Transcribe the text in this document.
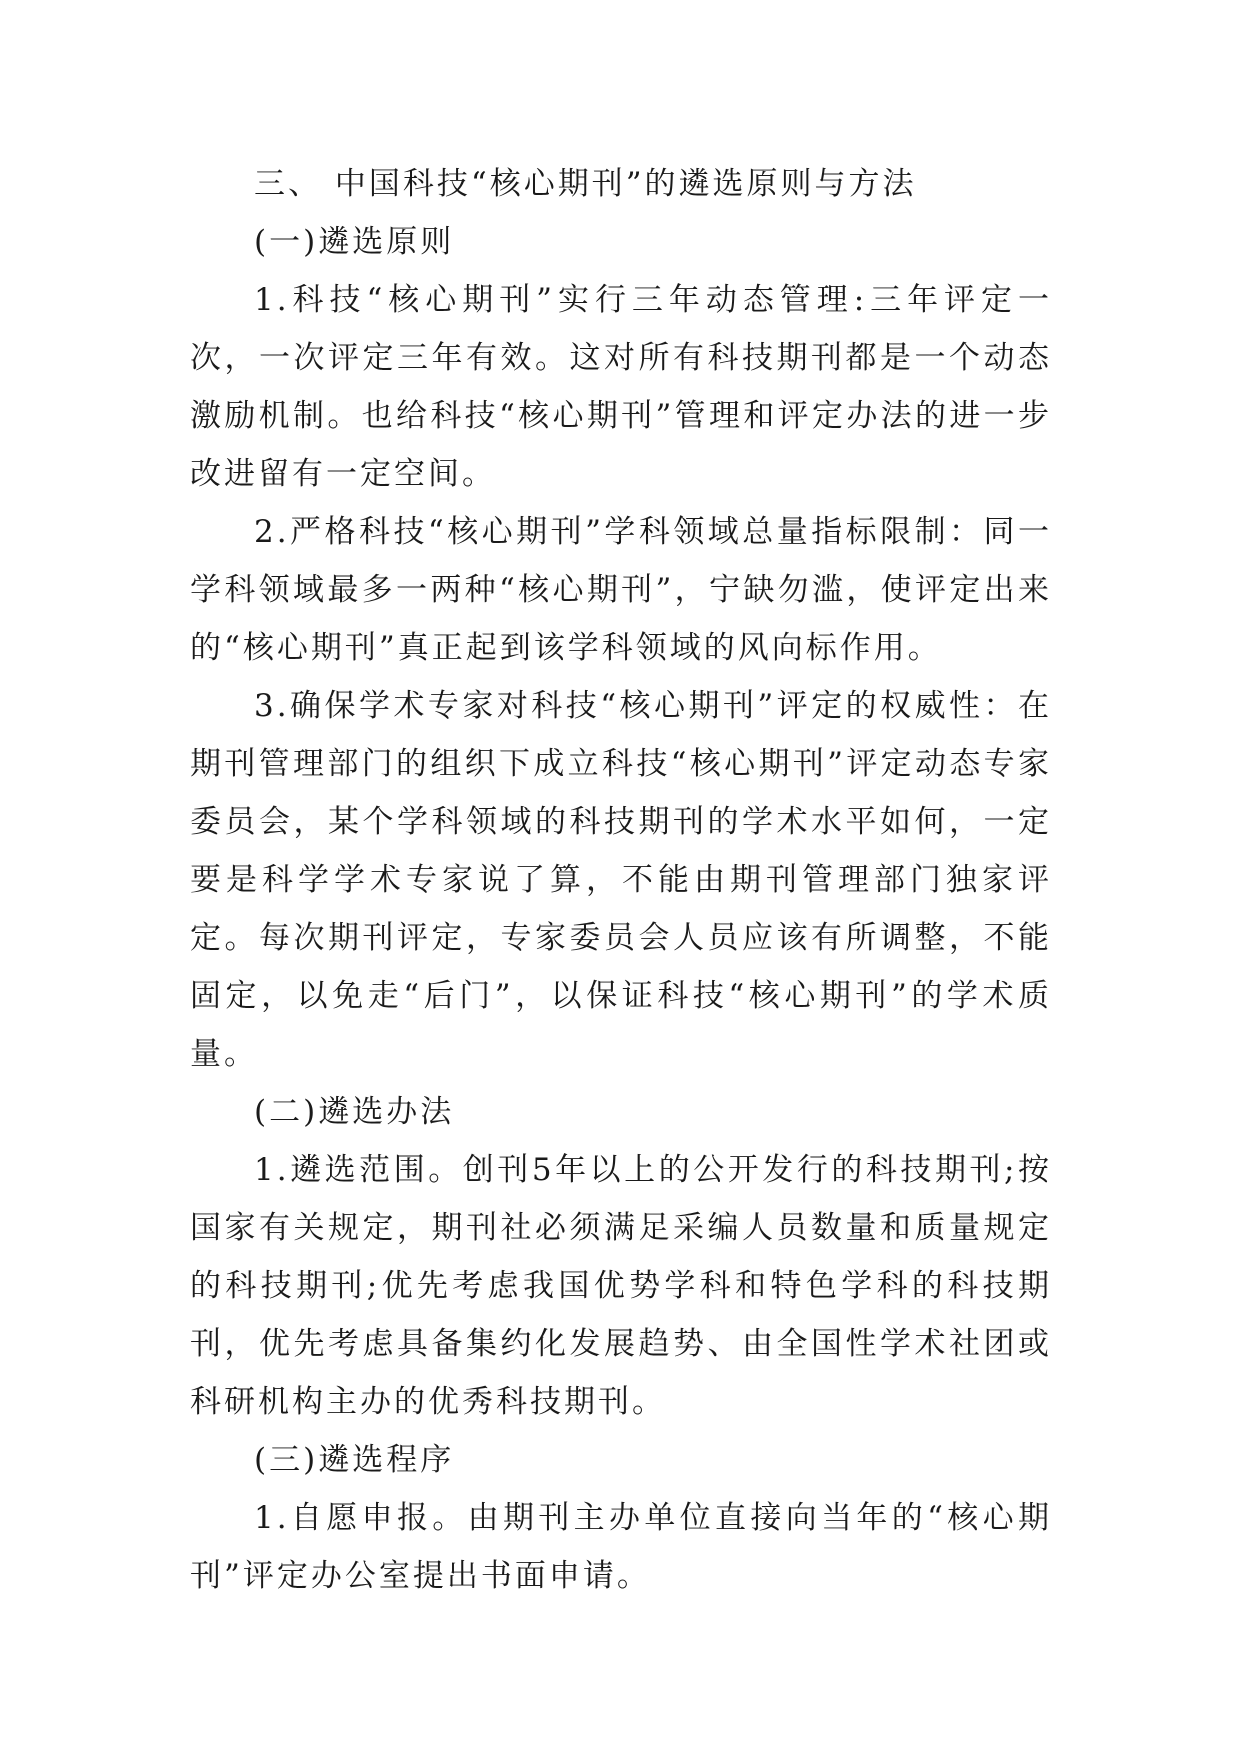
三、 中国科技“核心期刊”的遴选原则与方法

(一)遴选原则

1.科技“核心期刊”实行三年动态管理:三年评定一次，一次评定三年有效。这对所有科技期刊都是一个动态激励机制。也给科技“核心期刊”管理和评定办法的进一步改进留有一定空间。

2.严格科技“核心期刊”学科领域总量指标限制：同一学科领域最多一两种“核心期刊”，宁缺勿滥，使评定出来的“核心期刊”真正起到该学科领域的风向标作用。

3.确保学术专家对科技“核心期刊”评定的权威性：在期刊管理部门的组织下成立科技“核心期刊”评定动态专家委员会，某个学科领域的科技期刊的学术水平如何，一定要是科学学术专家说了算，不能由期刊管理部门独家评定。每次期刊评定，专家委员会人员应该有所调整，不能固定，以免走“后门”，以保证科技“核心期刊”的学术质量。

(二)遴选办法

1.遴选范围。创刊5年以上的公开发行的科技期刊;按国家有关规定，期刊社必须满足采编人员数量和质量规定的科技期刊;优先考虑我国优势学科和特色学科的科技期刊，优先考虑具备集约化发展趋势、由全国性学术社团或科研机构主办的优秀科技期刊。

(三)遴选程序

1.自愿申报。由期刊主办单位直接向当年的“核心期刊”评定办公室提出书面申请。
